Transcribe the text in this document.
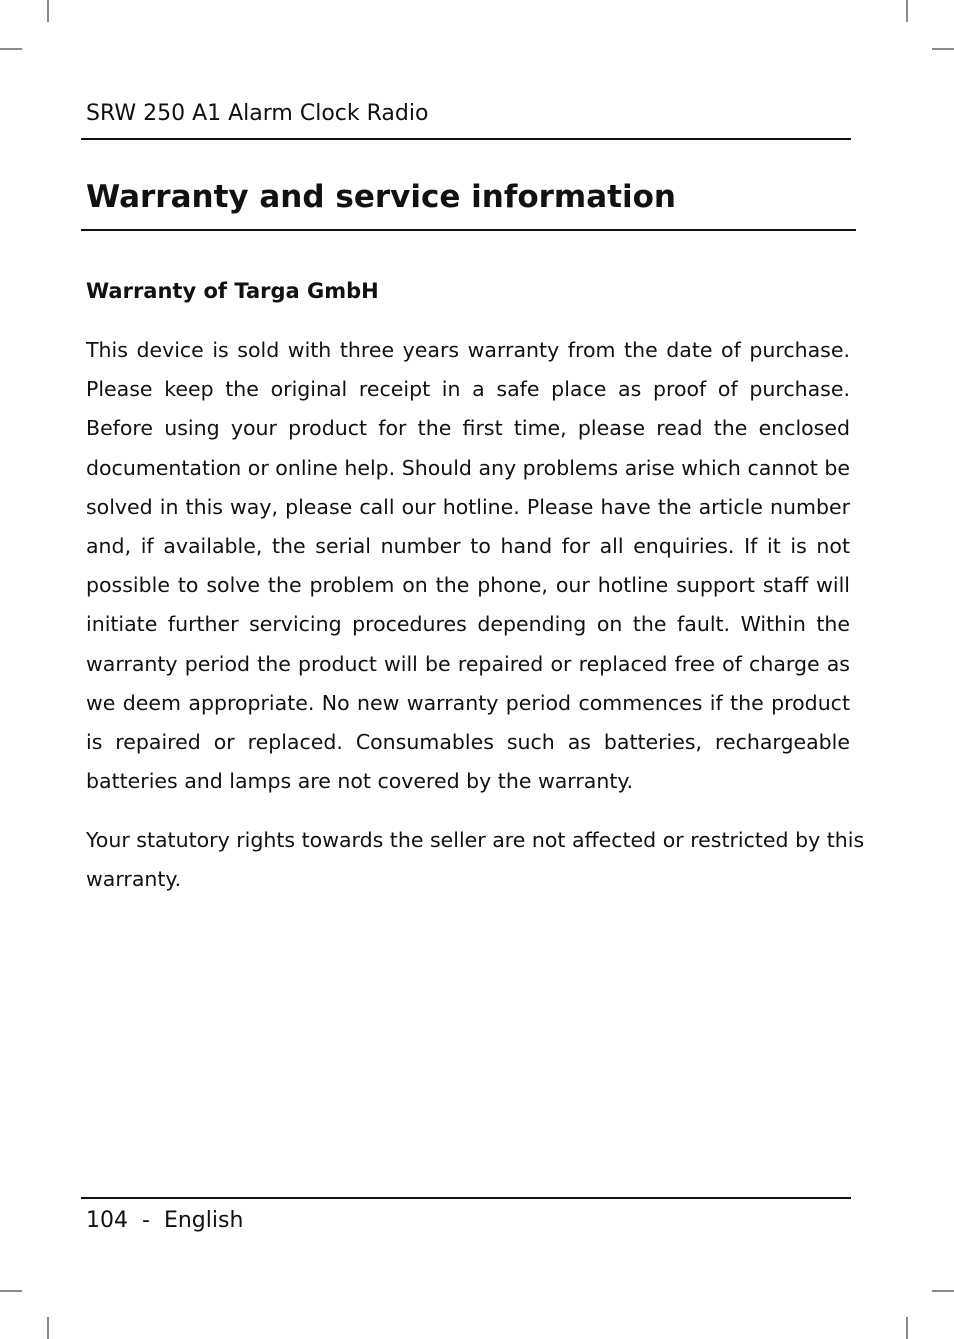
SRW 250 A1 Alarm Clock Radio
Warranty and service information
Warranty of Targa GmbH
This device is sold with three years warranty from the date of purchase.
Please keep the original receipt in a safe place as proof of purchase.
Before using your product for the first time, please read the enclosed
documentation or online help. Should any problems arise which cannot be
solved in this way, please call our hotline. Please have the article number
and, if available, the serial number to hand for all enquiries. If it is not
possible to solve the problem on the phone, our hotline support staff will
initiate further servicing procedures depending on the fault. Within the
warranty period the product will be repaired or replaced free of charge as
we deem appropriate. No new warranty period commences if the product
is repaired or replaced. Consumables such as batteries, rechargeable
batteries and lamps are not covered by the warranty.
Your statutory rights towards the seller are not affected or restricted by this
warranty.
104 - English
